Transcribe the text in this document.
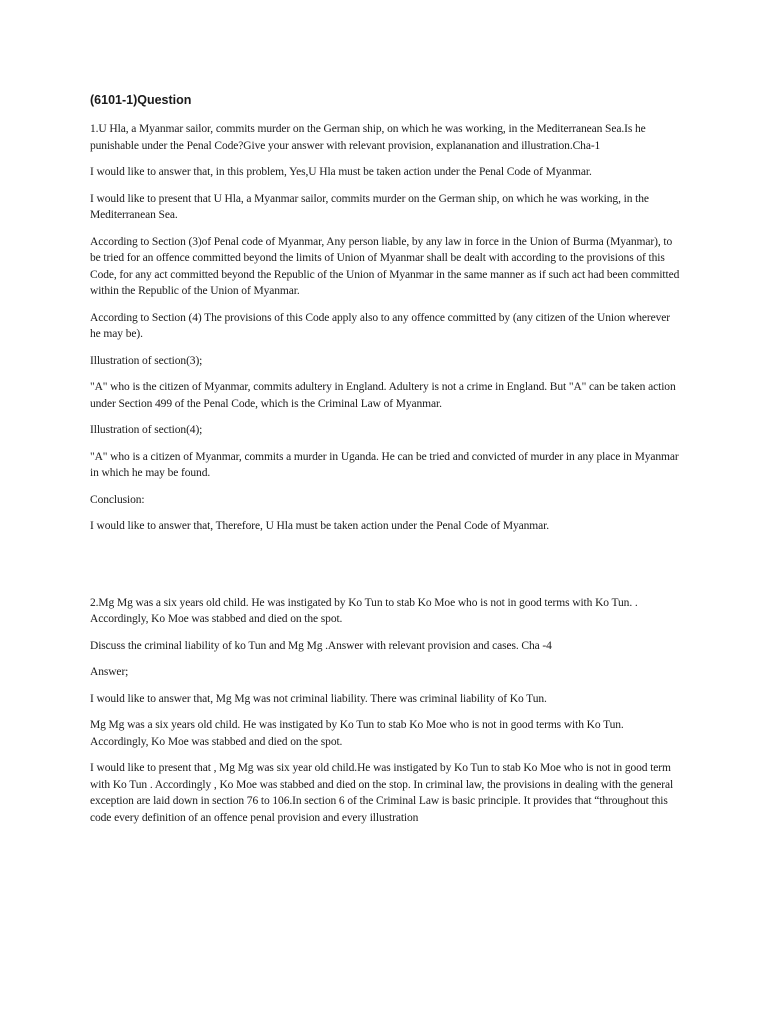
(6101-1)Question

1.U Hla, a Myanmar sailor, commits murder on the German ship, on which he was working, in the Mediterranean Sea.Is he punishable under the Penal Code?Give your answer with relevant provision, explananation and illustration.Cha-1

I would like to answer that, in this problem, Yes,U Hla must be taken action under the Penal Code of Myanmar.

I would like to present that U Hla, a Myanmar sailor, commits murder on the German ship, on which he was working, in the Mediterranean Sea.

According to Section (3)of Penal code of Myanmar, Any person liable, by any law in force in the Union of Burma (Myanmar), to be tried for an offence committed beyond the limits of Union of Myanmar shall be dealt with according to the provisions of this Code, for any act committed beyond the Republic of the Union of Myanmar in the same manner as if such act had been committed within the Republic of the Union of Myanmar.

According to Section (4) The provisions of this Code apply also to any offence committed by (any citizen of the Union wherever he may be).

Illustration of section(3);

"A" who is the citizen of Myanmar, commits adultery in England. Adultery is not a crime in England. But "A" can be taken action under Section 499 of the Penal Code, which is the Criminal Law of Myanmar.

Illustration of section(4);

"A" who is a citizen of Myanmar, commits a murder in Uganda. He can be tried and convicted of murder in any place in Myanmar in which he may be found.

Conclusion:

I would like to answer that, Therefore, U Hla must be taken action under the Penal Code of Myanmar.

2.Mg Mg was a six years old child. He was instigated by Ko Tun to stab Ko Moe who is not in good terms with Ko Tun. . Accordingly, Ko Moe was stabbed and died on the spot.

Discuss the criminal liability of ko Tun and Mg Mg .Answer with relevant provision and cases. Cha -4

Answer;

I would like to answer that, Mg Mg was not criminal liability. There was criminal liability of Ko Tun.

Mg Mg was a six years old child. He was instigated by Ko Tun to stab Ko Moe who is not in good terms with Ko Tun. Accordingly, Ko Moe was stabbed and died on the spot.

I would like to present that , Mg Mg was six year old child.He was instigated by Ko Tun to stab Ko Moe who is not in good term with Ko Tun . Accordingly , Ko Moe was stabbed and died on the stop. In criminal law, the provisions in dealing with the general exception are laid down in section 76 to 106.In section 6 of the Criminal Law is basic principle. It provides that “throughout this code every definition of an offence penal provision and every illustration
